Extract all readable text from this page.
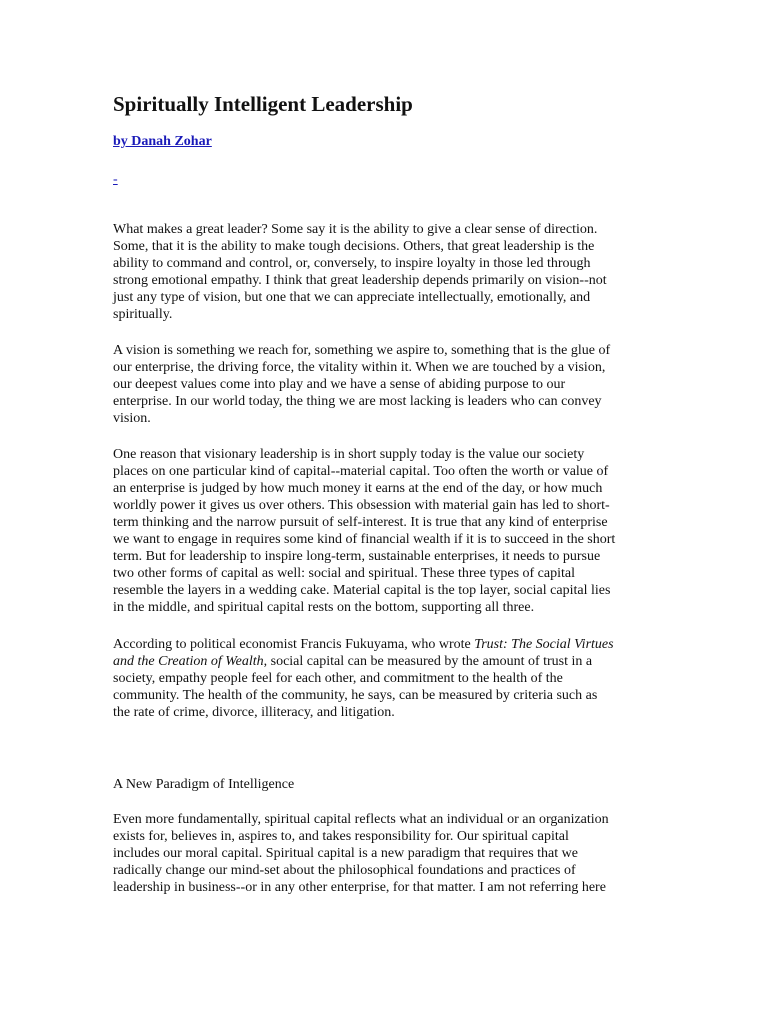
Spiritually Intelligent Leadership
by Danah Zohar
-

What makes a great leader? Some say it is the ability to give a clear sense of direction.
Some, that it is the ability to make tough decisions. Others, that great leadership is the
ability to command and control, or, conversely, to inspire loyalty in those led through
strong emotional empathy. I think that great leadership depends primarily on vision--not
just any type of vision, but one that we can appreciate intellectually, emotionally, and
spiritually.

A vision is something we reach for, something we aspire to, something that is the glue of
our enterprise, the driving force, the vitality within it. When we are touched by a vision,
our deepest values come into play and we have a sense of abiding purpose to our
enterprise. In our world today, the thing we are most lacking is leaders who can convey
vision.

One reason that visionary leadership is in short supply today is the value our society
places on one particular kind of capital--material capital. Too often the worth or value of
an enterprise is judged by how much money it earns at the end of the day, or how much
worldly power it gives us over others. This obsession with material gain has led to short-
term thinking and the narrow pursuit of self-interest. It is true that any kind of enterprise
we want to engage in requires some kind of financial wealth if it is to succeed in the short
term. But for leadership to inspire long-term, sustainable enterprises, it needs to pursue
two other forms of capital as well: social and spiritual. These three types of capital
resemble the layers in a wedding cake. Material capital is the top layer, social capital lies
in the middle, and spiritual capital rests on the bottom, supporting all three.

According to political economist Francis Fukuyama, who wrote Trust: The Social Virtues
and the Creation of Wealth, social capital can be measured by the amount of trust in a
society, empathy people feel for each other, and commitment to the health of the
community. The health of the community, he says, can be measured by criteria such as
the rate of crime, divorce, illiteracy, and litigation.

A New Paradigm of Intelligence

Even more fundamentally, spiritual capital reflects what an individual or an organization
exists for, believes in, aspires to, and takes responsibility for. Our spiritual capital
includes our moral capital. Spiritual capital is a new paradigm that requires that we
radically change our mind-set about the philosophical foundations and practices of
leadership in business--or in any other enterprise, for that matter. I am not referring here
